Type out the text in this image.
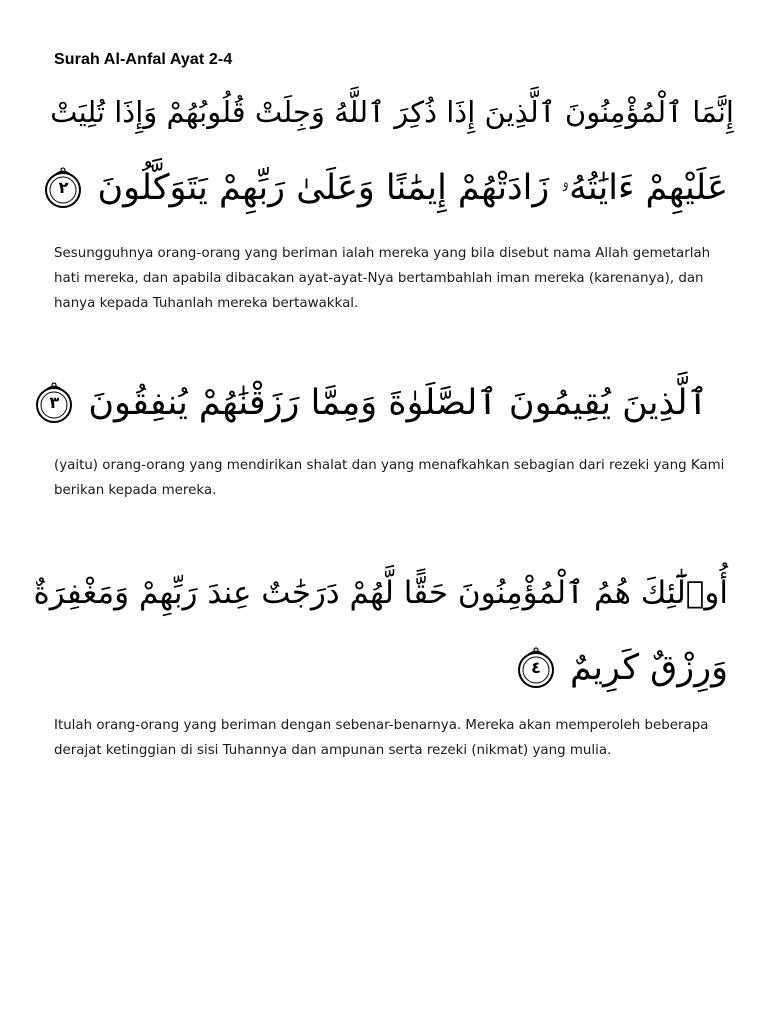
Surah Al-Anfal Ayat 2-4
إِنَّمَا ٱلْمُؤْمِنُونَ ٱلَّذِينَ إِذَا ذُكِرَ ٱللَّهُ وَجِلَتْ قُلُوبُهُمْ وَإِذَا تُلِيَتْ
عَلَيْهِمْ ءَايَٰتُهُۥ زَادَتْهُمْ إِيمَٰنًا وَعَلَىٰ رَبِّهِمْ يَتَوَكَّلُونَ
٢
Sesungguhnya orang-orang yang beriman ialah mereka yang bila disebut nama Allah gemetarlah hati mereka, dan apabila dibacakan ayat-ayat-Nya bertambahlah iman mereka (karenanya), dan hanya kepada Tuhanlah mereka bertawakkal.
ٱلَّذِينَ يُقِيمُونَ ٱلصَّلَوٰةَ وَمِمَّا رَزَقْنَٰهُمْ يُنفِقُونَ
٣
(yaitu) orang-orang yang mendirikan shalat dan yang menafkahkan sebagian dari rezeki yang Kami berikan kepada mereka.
أُو۟لَٰٓئِكَ هُمُ ٱلْمُؤْمِنُونَ حَقًّا لَّهُمْ دَرَجَٰتٌ عِندَ رَبِّهِمْ وَمَغْفِرَةٌ
وَرِزْقٌ كَرِيمٌ
٤
Itulah orang-orang yang beriman dengan sebenar-benarnya. Mereka akan memperoleh beberapa derajat ketinggian di sisi Tuhannya dan ampunan serta rezeki (nikmat) yang mulia.
